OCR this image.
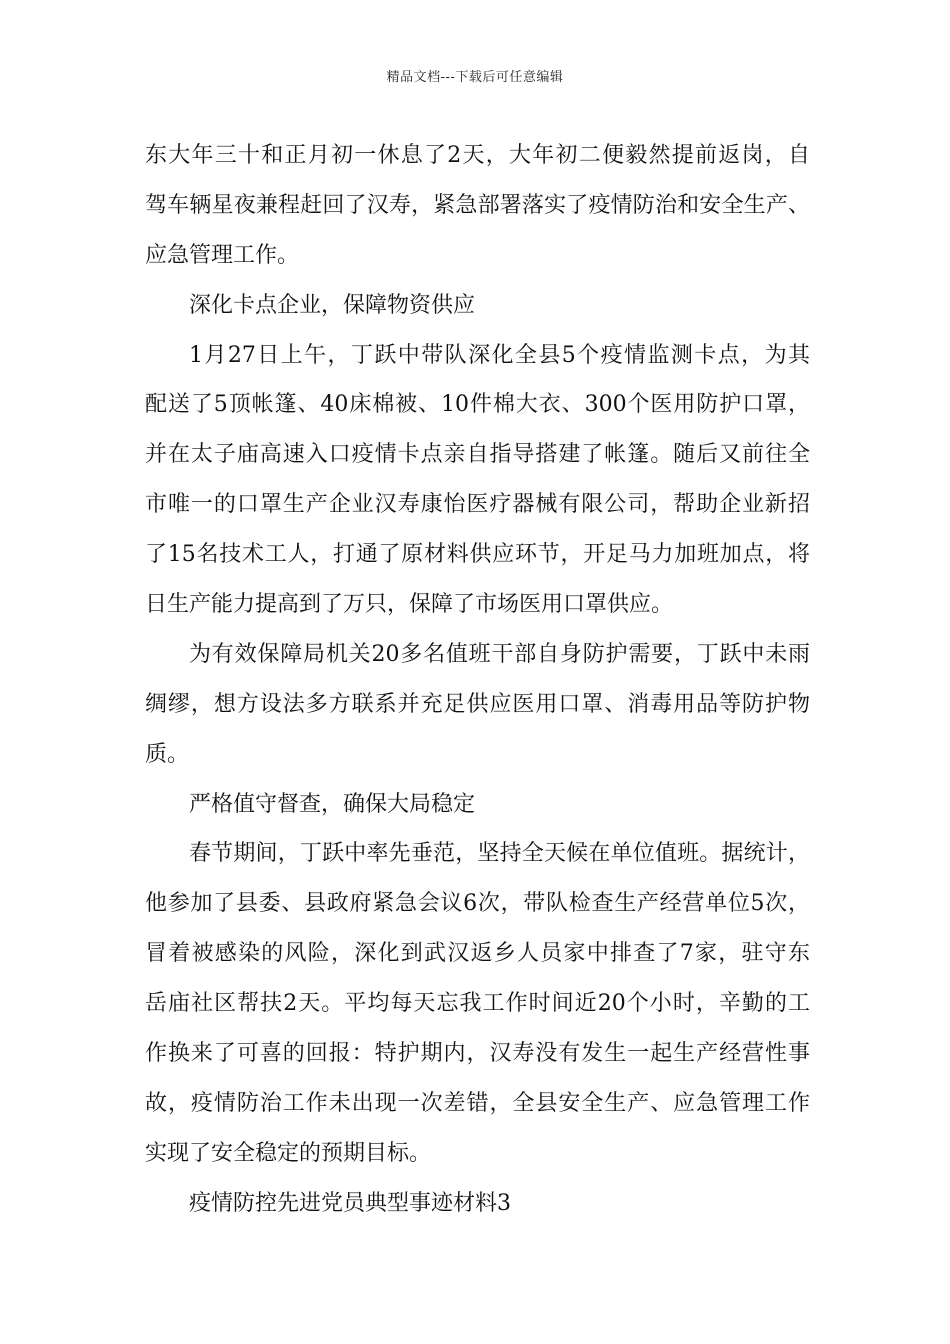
精品文档---下载后可任意编辑
东大年三十和正月初一休息了2天，大年初二便毅然提前返岗，自
驾车辆星夜兼程赶回了汉寿，紧急部署落实了疫情防治和安全生产、
应急管理工作。
深化卡点企业，保障物资供应
1月27日上午，丁跃中带队深化全县5个疫情监测卡点，为其
配送了5顶帐篷、40床棉被、10件棉大衣、300个医用防护口罩，
并在太子庙高速入口疫情卡点亲自指导搭建了帐篷。随后又前往全
市唯一的口罩生产企业汉寿康怡医疗器械有限公司，帮助企业新招
了15名技术工人，打通了原材料供应环节，开足马力加班加点，将
日生产能力提高到了万只，保障了市场医用口罩供应。
为有效保障局机关20多名值班干部自身防护需要，丁跃中未雨
绸缪，想方设法多方联系并充足供应医用口罩、消毒用品等防护物
质。
严格值守督查，确保大局稳定
春节期间，丁跃中率先垂范，坚持全天候在单位值班。据统计，
他参加了县委、县政府紧急会议6次，带队检查生产经营单位5次，
冒着被感染的风险，深化到武汉返乡人员家中排查了7家，驻守东
岳庙社区帮扶2天。平均每天忘我工作时间近20个小时，辛勤的工
作换来了可喜的回报：特护期内，汉寿没有发生一起生产经营性事
故，疫情防治工作未出现一次差错，全县安全生产、应急管理工作
实现了安全稳定的预期目标。
疫情防控先进党员典型事迹材料3
